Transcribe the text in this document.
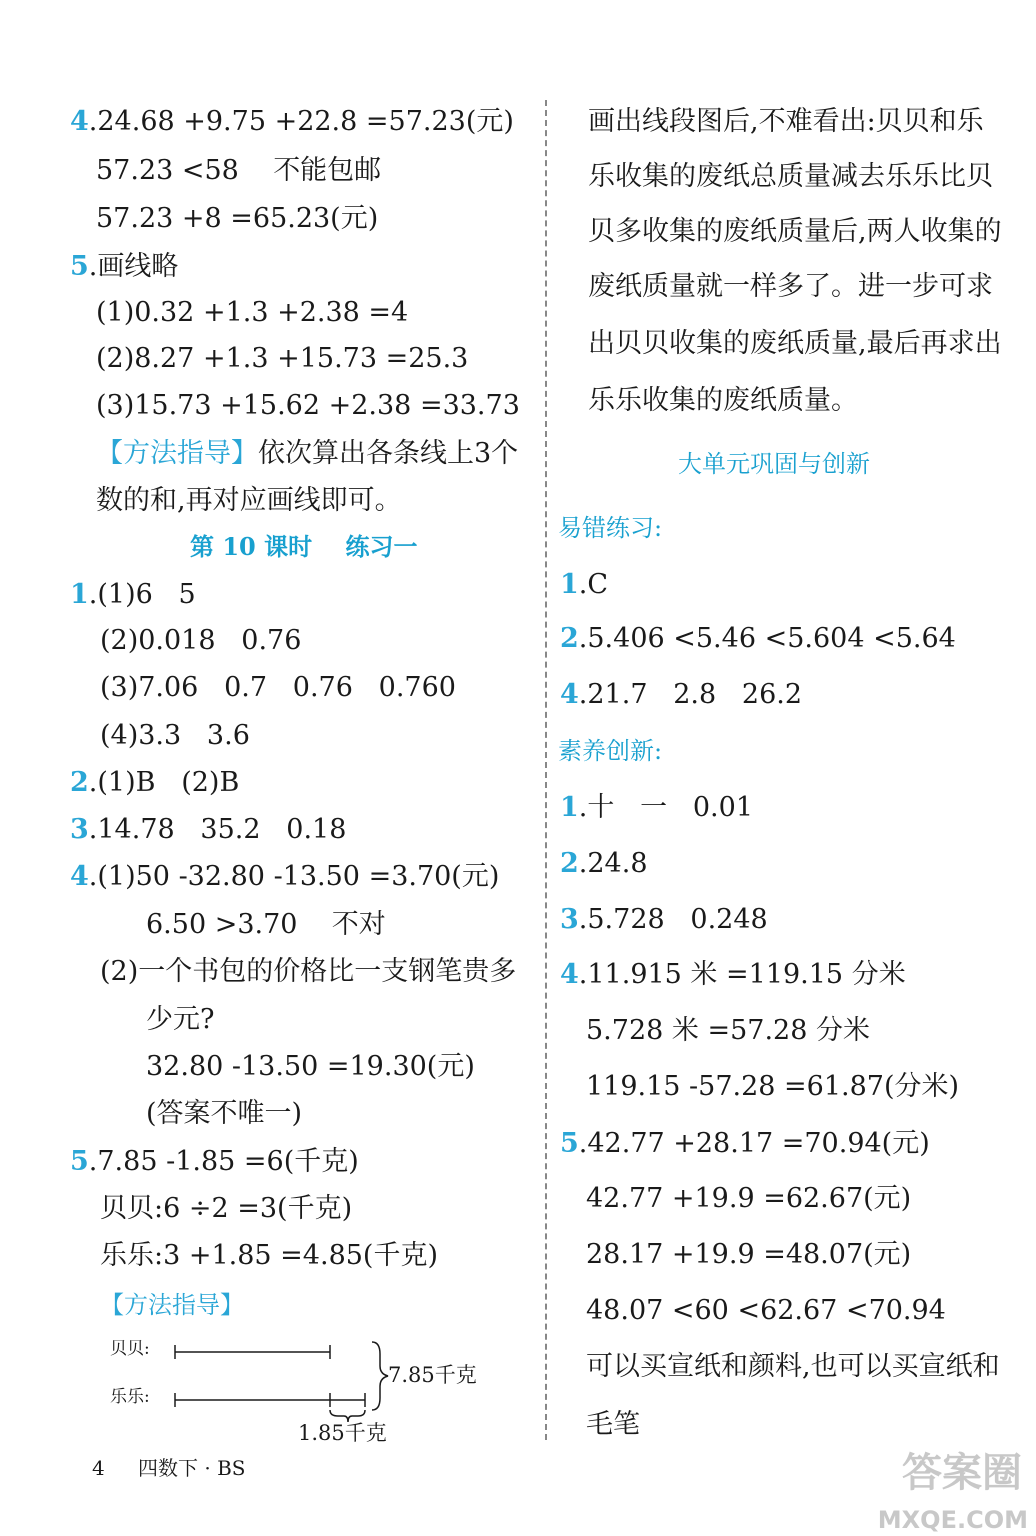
4.24.68 +9.75 +22.8 =57.23(元)
57.23 <58    不能包邮
57.23 +8 =65.23(元)
5.画线略
(1)0.32 +1.3 +2.38 =4
(2)8.27 +1.3 +15.73 =25.3
(3)15.73 +15.62 +2.38 =33.73
【方法指导】依次算出各条线上3个
数的和,再对应画线即可。
第 10 课时    练习一
1.(1)6   5
(2)0.018   0.76
(3)7.06   0.7   0.76   0.760
(4)3.3   3.6
2.(1)B   (2)B
3.14.78   35.2   0.18
4.(1)50 -32.80 -13.50 =3.70(元)
6.50 >3.70    不对
(2)一个书包的价格比一支钢笔贵多
少元?
32.80 -13.50 =19.30(元)
(答案不唯一)
5.7.85 -1.85 =6(千克)
贝贝:6 ÷2 =3(千克)
乐乐:3 +1.85 =4.85(千克)
【方法指导】
贝贝:
乐乐:
7.85千克
1.85千克
画出线段图后,不难看出:贝贝和乐
乐收集的废纸总质量减去乐乐比贝
贝多收集的废纸质量后,两人收集的
废纸质量就一样多了。进一步可求
出贝贝收集的废纸质量,最后再求出
乐乐收集的废纸质量。
大单元巩固与创新
易错练习:
1.C
2.5.406 <5.46 <5.604 <5.64
4.21.7   2.8   26.2
素养创新:
1.十   一   0.01
2.24.8
3.5.728   0.248
4.11.915 米 =119.15 分米
5.728 米 =57.28 分米
119.15 -57.28 =61.87(分米)
5.42.77 +28.17 =70.94(元)
42.77 +19.9 =62.67(元)
28.17 +19.9 =48.07(元)
48.07 <60 <62.67 <70.94
可以买宣纸和颜料,也可以买宣纸和
毛笔
4 四数下 · BS	答案圈
MXQE.COM
